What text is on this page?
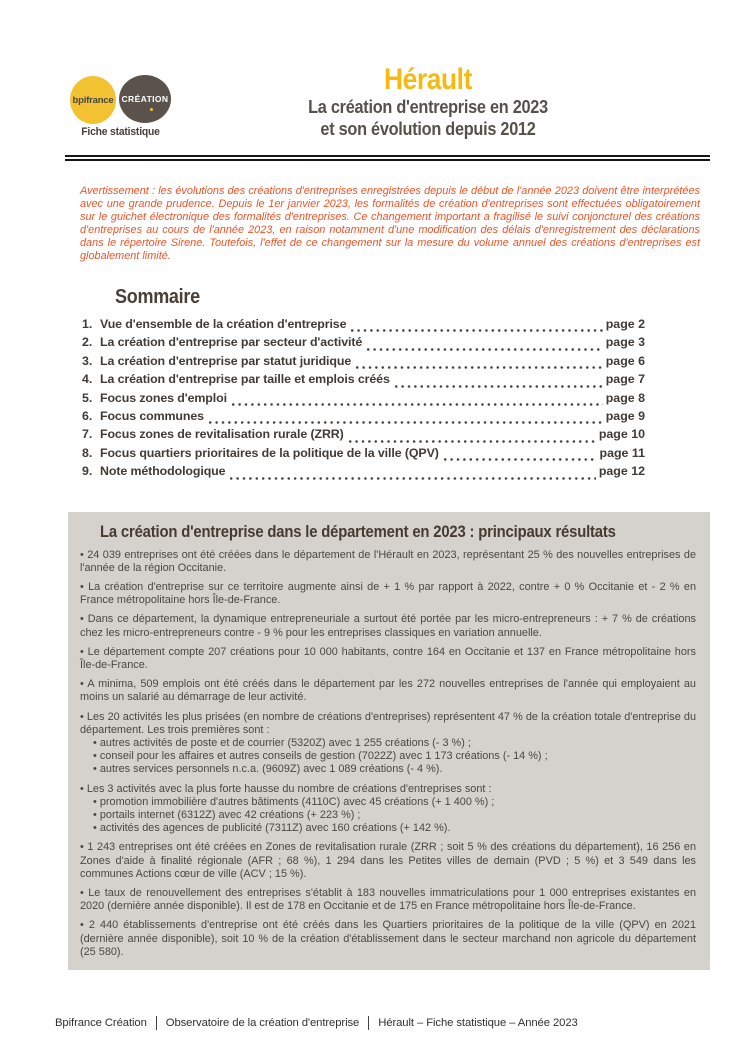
bpifrance CRÉATION
Fiche statistique
Hérault
La création d'entreprise en 2023
et son évolution depuis 2012

Avertissement : les évolutions des créations d'entreprises enregistrées depuis le début de l'année 2023 doivent être interprétées avec une grande prudence. Depuis le 1er janvier 2023, les formalités de création d'entreprises sont effectuées obligatoirement sur le guichet électronique des formalités d'entreprises. Ce changement important a fragilisé le suivi conjoncturel des créations d'entreprises au cours de l'année 2023, en raison notamment d'une modification des délais d'enregistrement des déclarations dans le répertoire Sirene. Toutefois, l'effet de ce changement sur la mesure du volume annuel des créations d'entreprises est globalement limité.

Sommaire
1. Vue d'ensemble de la création d'entreprise	page 2
2. La création d'entreprise par secteur d'activité	page 3
3. La création d'entreprise par statut juridique	page 6
4. La création d'entreprise par taille et emplois créés	page 7
5. Focus zones d'emploi	page 8
6. Focus communes	page 9
7. Focus zones de revitalisation rurale (ZRR)	page 10
8. Focus quartiers prioritaires de la politique de la ville (QPV)	page 11
9. Note méthodologique	page 12
La création d'entreprise dans le département en 2023 : principaux résultats

• 24 039 entreprises ont été créées dans le département de l'Hérault en 2023, représentant 25 % des nouvelles entreprises de l'année de la région Occitanie.

• La création d'entreprise sur ce territoire augmente ainsi de + 1 % par rapport à 2022, contre + 0 % Occitanie et - 2 % en France métropolitaine hors Île-de-France.

• Dans ce département, la dynamique entrepreneuriale a surtout été portée par les micro-entrepreneurs : + 7 % de créations chez les micro-entrepreneurs contre - 9 % pour les entreprises classiques en variation annuelle.

• Le département compte 207 créations pour 10 000 habitants, contre 164 en Occitanie et 137 en France métropolitaine hors Île-de-France.

• A minima, 509 emplois ont été créés dans le département par les 272 nouvelles entreprises de l'année qui employaient au moins un salarié au démarrage de leur activité.

• Les 20 activités les plus prisées (en nombre de créations d'entreprises) représentent 47 % de la création totale d'entreprise du département. Les trois premières sont :

• autres activités de poste et de courrier (5320Z) avec 1 255 créations (- 3 %) ;

• conseil pour les affaires et autres conseils de gestion (7022Z) avec 1 173 créations (- 14 %) ;

• autres services personnels n.c.a. (9609Z) avec 1 089 créations (- 4 %).

• Les 3 activités avec la plus forte hausse du nombre de créations d'entreprises sont :

• promotion immobilière d'autres bâtiments (4110C) avec 45 créations (+ 1 400 %) ;

• portails internet (6312Z) avec 42 créations (+ 223 %) ;

• activités des agences de publicité (7311Z) avec 160 créations (+ 142 %).

• 1 243 entreprises ont été créées en Zones de revitalisation rurale (ZRR ; soit 5 % des créations du département), 16 256 en Zones d'aide à finalité régionale (AFR ; 68 %), 1 294 dans les Petites villes de demain (PVD ; 5 %) et 3 549 dans les communes Actions cœur de ville (ACV ; 15 %).

• Le taux de renouvellement des entreprises s'établit à 183 nouvelles immatriculations pour 1 000 entreprises existantes en 2020 (dernière année disponible). Il est de 178 en Occitanie et de 175 en France métropolitaine hors Île-de-France.

• 2 440 établissements d'entreprise ont été créés dans les Quartiers prioritaires de la politique de la ville (QPV) en 2021 (dernière année disponible), soit 10 % de la création d'établissement dans le secteur marchand non agricole du département (25 580).

Bpifrance Création Observatoire de la création d'entreprise Hérault – Fiche statistique – Année 2023
